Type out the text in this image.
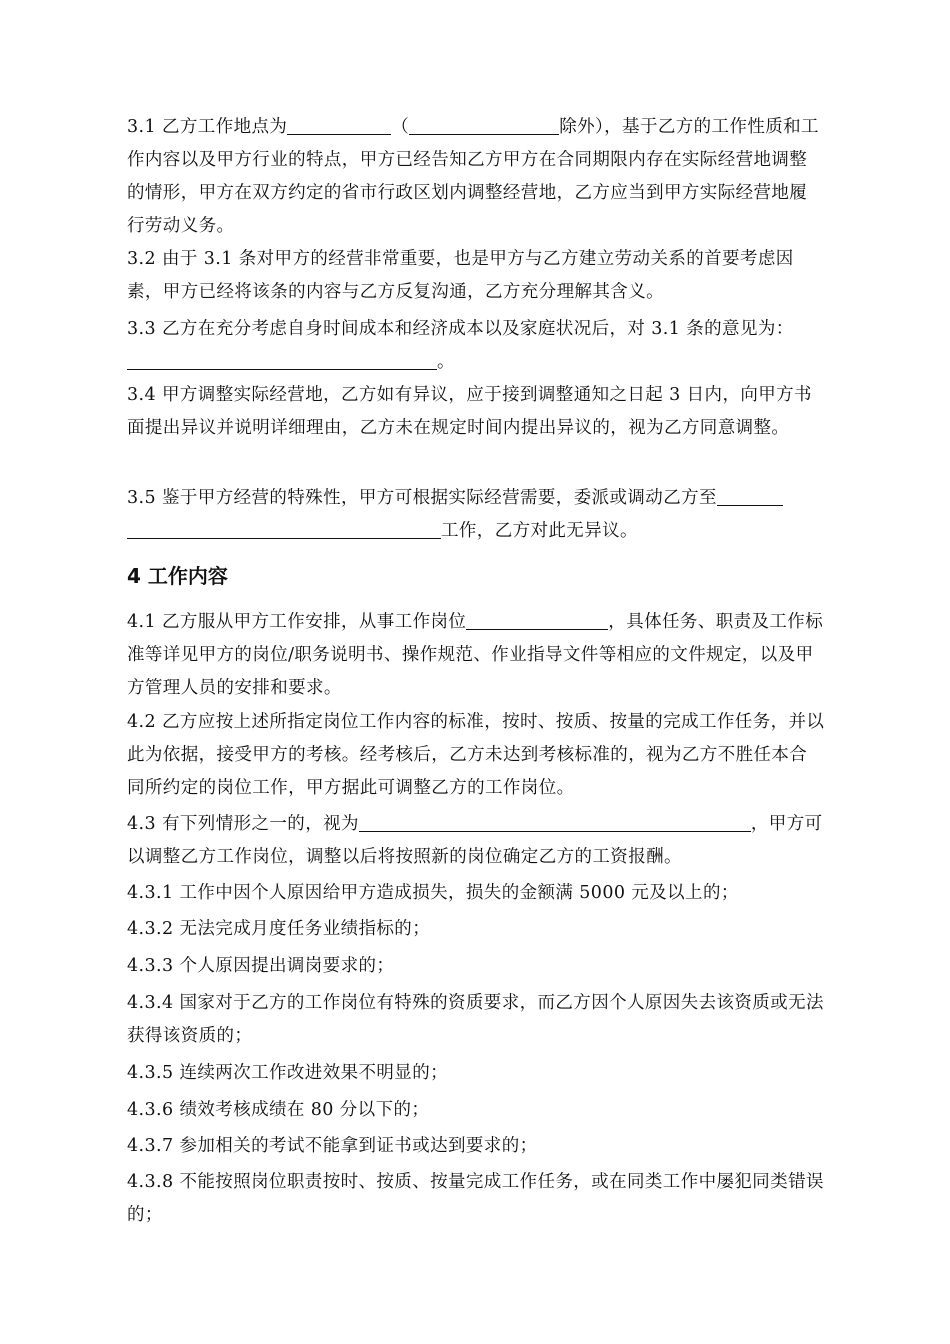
3.1 乙方工作地点为	（	除外），基于乙方的工作性质和工作内容以及甲方行业的特点，甲方已经告知乙方甲方在合同期限内存在实际经营地调整的情形，甲方在双方约定的省市行政区划内调整经营地，乙方应当到甲方实际经营地履行劳动义务。

3.2 由于 3.1 条对甲方的经营非常重要，也是甲方与乙方建立劳动关系的首要考虑因素，甲方已经将该条的内容与乙方反复沟通，乙方充分理解其含义。

3.3 乙方在充分考虑自身时间成本和经济成本以及家庭状况后，对 3.1 条的意见为：。

3.4 甲方调整实际经营地，乙方如有异议，应于接到调整通知之日起 3 日内，向甲方书面提出异议并说明详细理由，乙方未在规定时间内提出异议的，视为乙方同意调整。

3.5 鉴于甲方经营的特殊性，甲方可根据实际经营需要，委派或调动乙方至工作，乙方对此无异议。

4 工作内容

4.1 乙方服从甲方工作安排，从事工作岗位	，具体任务、职责及工作标准等详见甲方的岗位/职务说明书、操作规范、作业指导文件等相应的文件规定，以及甲方管理人员的安排和要求。

4.2 乙方应按上述所指定岗位工作内容的标准，按时、按质、按量的完成工作任务，并以此为依据，接受甲方的考核。经考核后，乙方未达到考核标准的，视为乙方不胜任本合同所约定的岗位工作，甲方据此可调整乙方的工作岗位。

4.3 有下列情形之一的，视为	，甲方可以调整乙方工作岗位，调整以后将按照新的岗位确定乙方的工资报酬。

4.3.1 工作中因个人原因给甲方造成损失，损失的金额满 5000 元及以上的；

4.3.2 无法完成月度任务业绩指标的；

4.3.3 个人原因提出调岗要求的；

4.3.4 国家对于乙方的工作岗位有特殊的资质要求，而乙方因个人原因失去该资质或无法获得该资质的；

4.3.5 连续两次工作改进效果不明显的；

4.3.6 绩效考核成绩在 80 分以下的；

4.3.7 参加相关的考试不能拿到证书或达到要求的；

4.3.8 不能按照岗位职责按时、按质、按量完成工作任务，或在同类工作中屡犯同类错误的；
